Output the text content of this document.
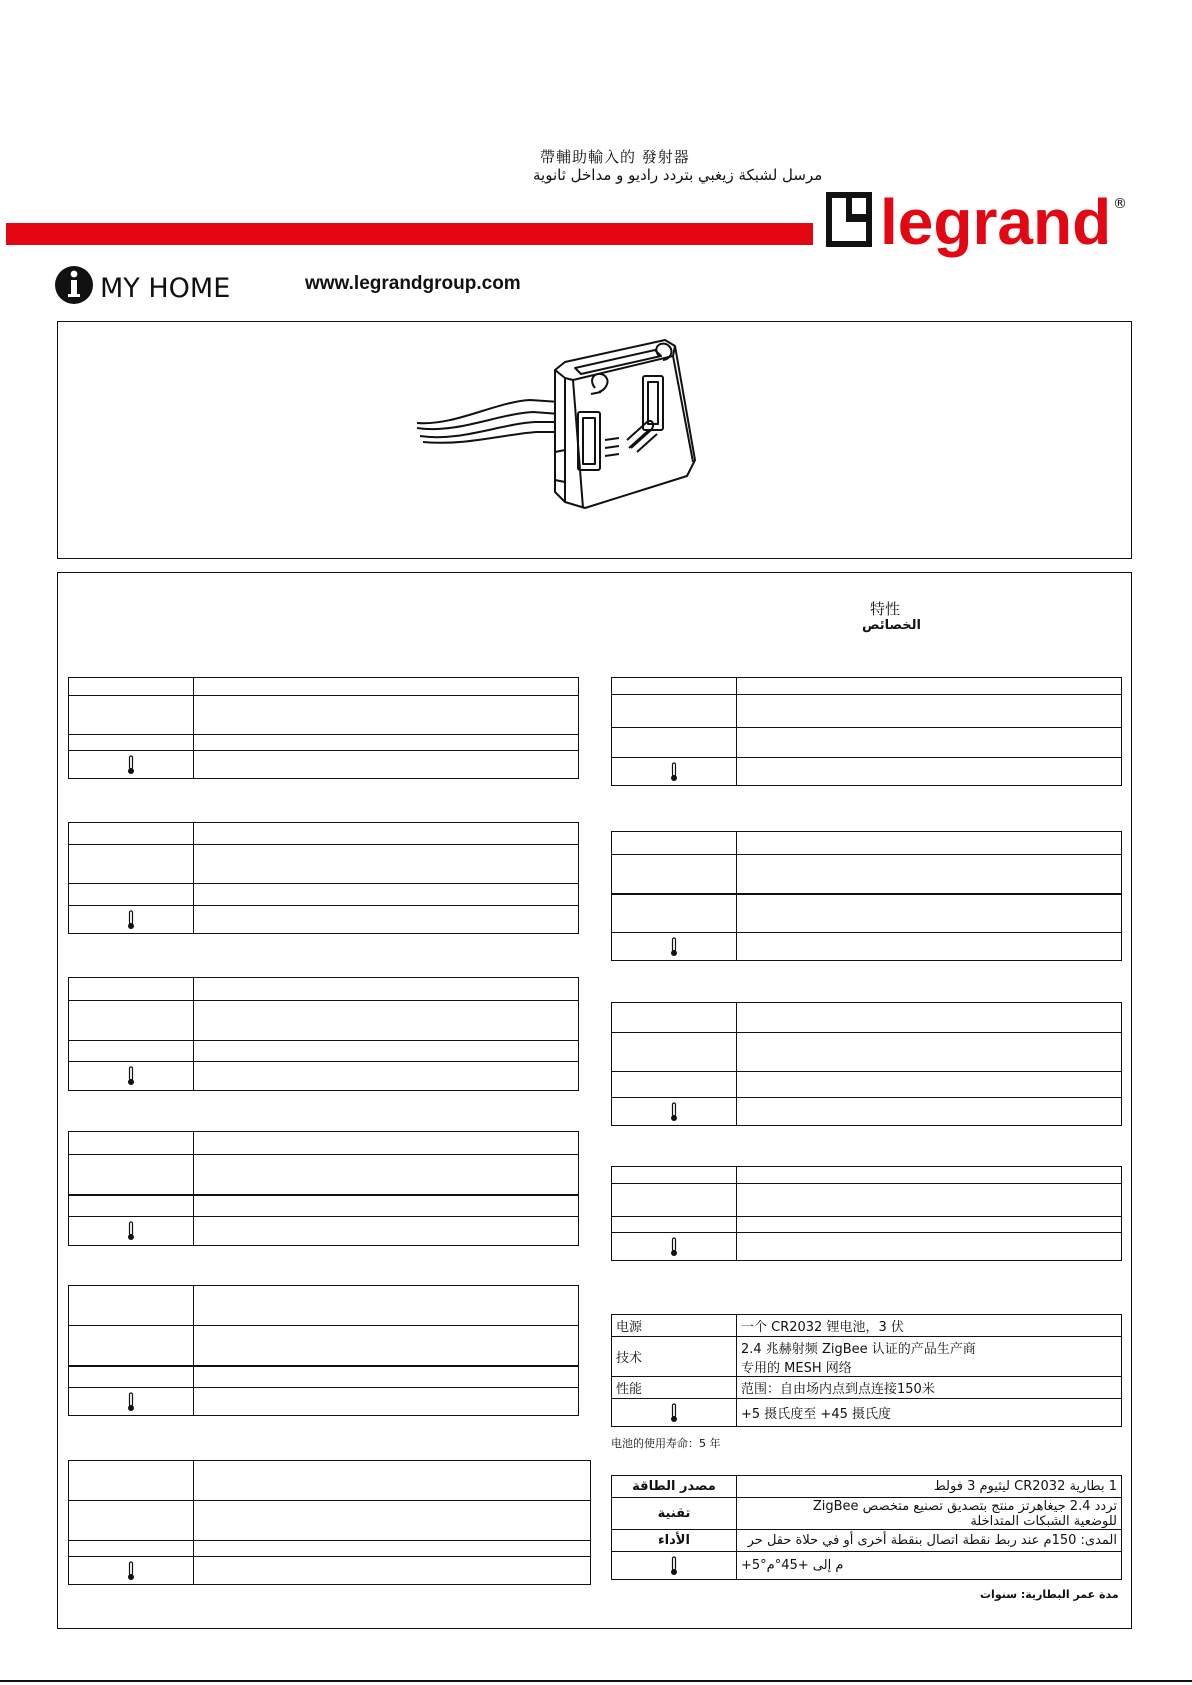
帶輔助輸入的 發射器
مرسل لشبكة زيغبي بتردد راديو و مداخل ثانوية
legrand ®
MY HOME	www.legrandgroup.com
特性
الخصائص

电源	一个 CR2032 锂电池，3 伏
技术	2.4 兆赫射频 ZigBee 认证的产品生产商
专用的 MESH 网络

性能	范围：自由场内点到点连接150米

	+5 摄氏度至 +45 摄氏度
电池的使用寿命：5 年
مصدر الطاقة	1 بطارية CR2032 ليثيوم 3 فولط
تقنية	تردد 2.4 جيغاهرتز منتج بتصديق تصنيع متخصص ZigBee
للوضعية الشبكات المتداخلة

الأداء	المدى: 150م عند ربط نقطة اتصال بنقطة أخرى أو في حلاة حقل حر

	+5°م إلى +45°م
مدة عمر البطارية: سنوات
